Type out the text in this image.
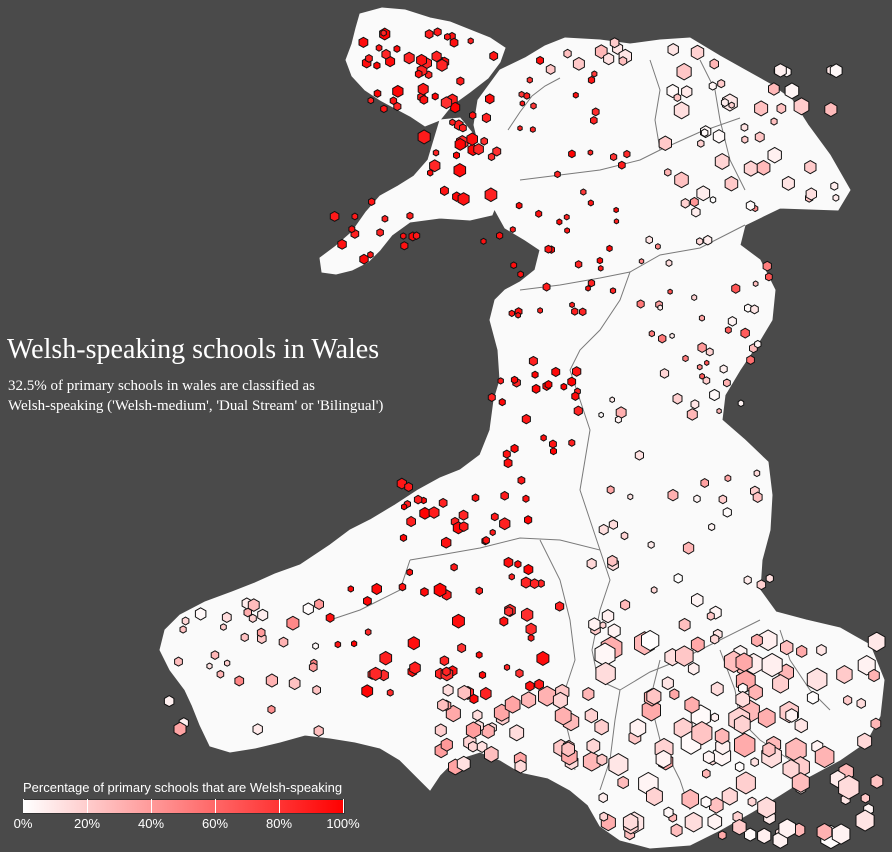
Welsh-speaking schools in Wales
32.5% of primary schools in wales are classified as
Welsh-speaking ('Welsh-medium', 'Dual Stream' or 'Bilingual')
Percentage of primary schools that are Welsh-speaking
0%	20%	40%	60%	80%	100%
